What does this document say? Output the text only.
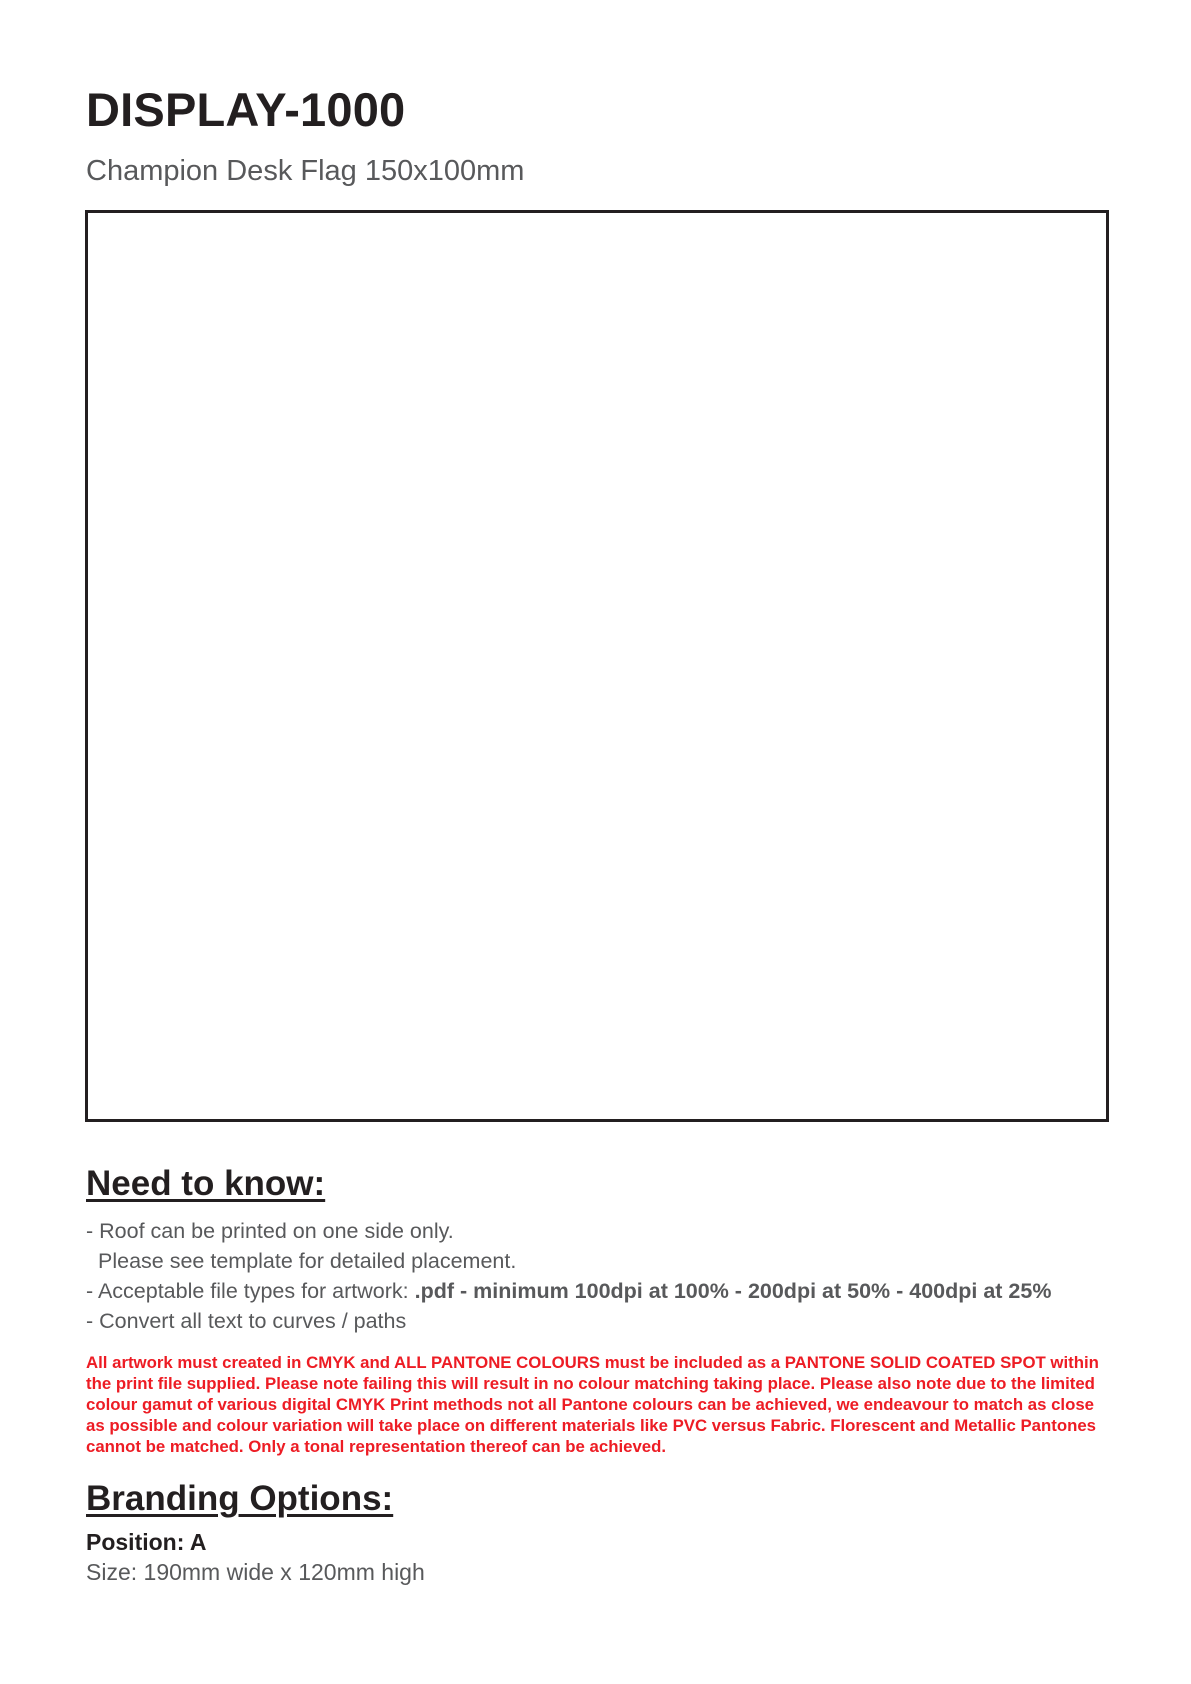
DISPLAY-1000

Champion Desk Flag 150x100mm

Need to know:
- Roof can be printed on one side only.
Please see template for detailed placement.
- Acceptable file types for artwork: .pdf - minimum 100dpi at 100% - 200dpi at 50% - 400dpi at 25%
- Convert all text to curves / paths

All artwork must created in CMYK and ALL PANTONE COLOURS must be included as a PANTONE SOLID COATED SPOT within the print file supplied. Please note failing this will result in no colour matching taking place. Please also note due to the limited colour gamut of various digital CMYK Print methods not all Pantone colours can be achieved, we endeavour to match as close as possible and colour variation will take place on different materials like PVC versus Fabric. Florescent and Metallic Pantones cannot be matched. Only a tonal representation thereof can be achieved.

Branding Options:

Position: A

Size: 190mm wide x 120mm high
